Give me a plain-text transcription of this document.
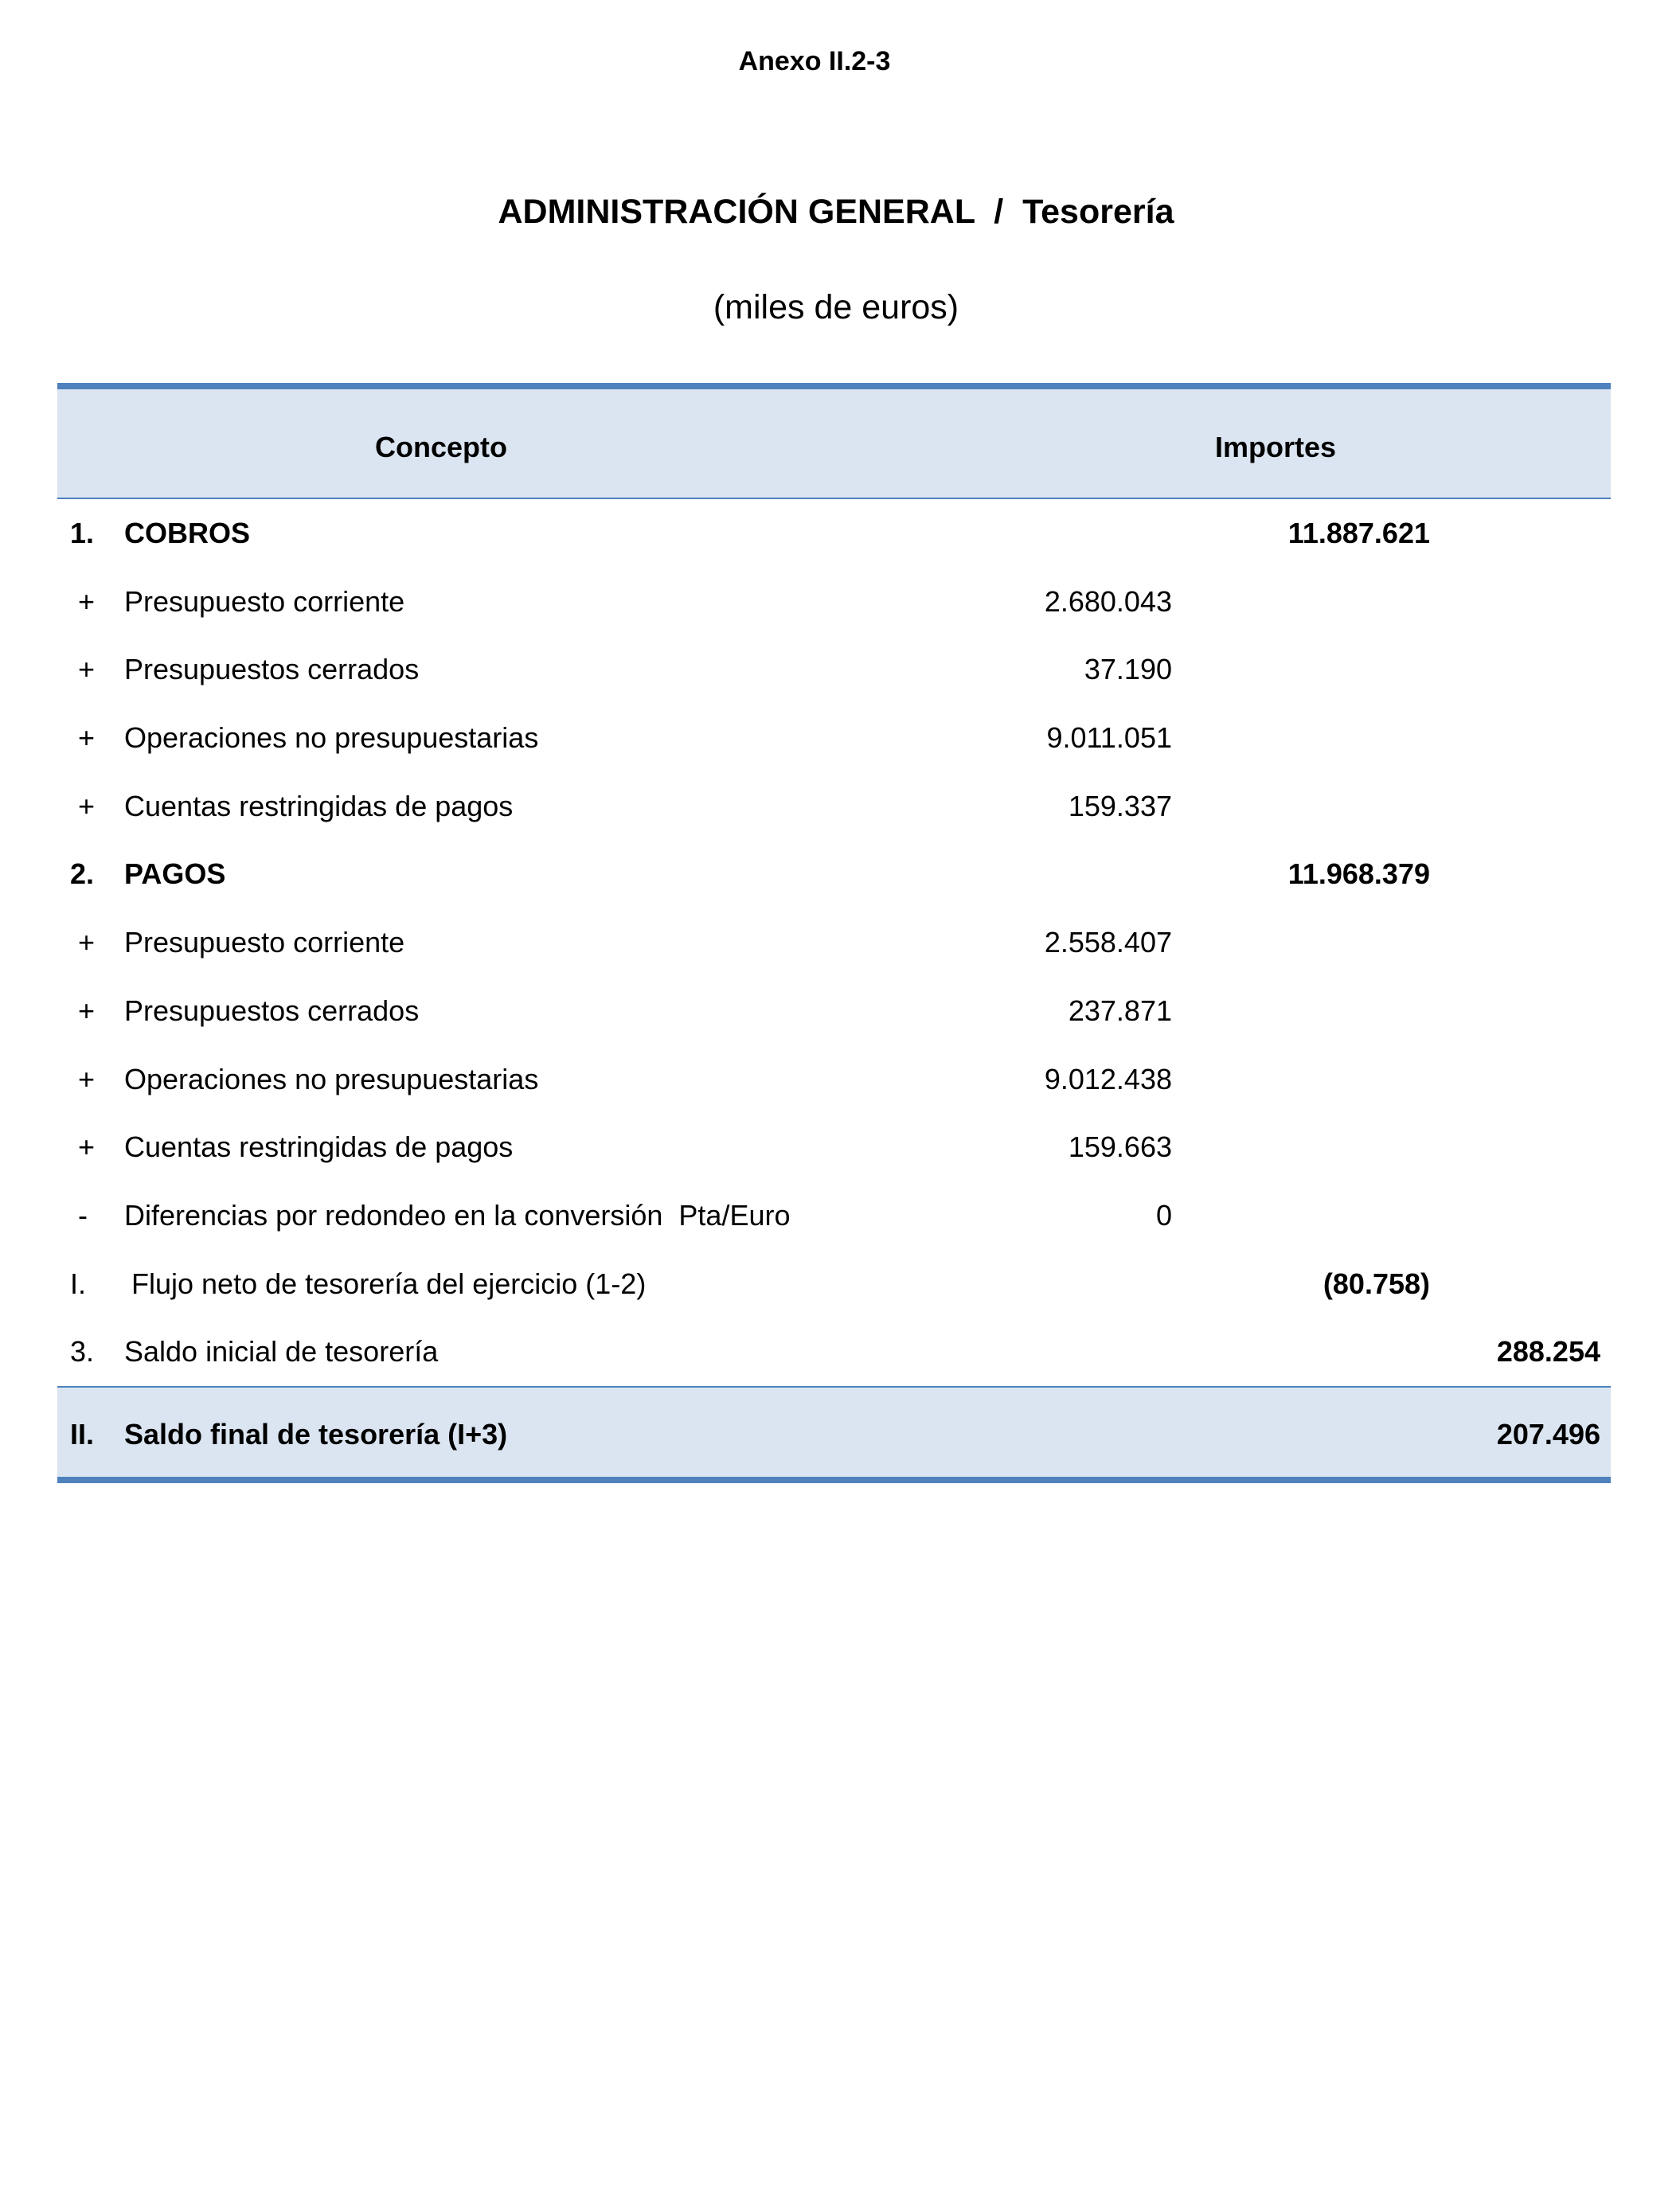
Anexo II.2-3
ADMINISTRACIÓN GENERAL  /  Tesorería
(miles de euros)
Concepto	Importes
1. COBROS	11.887.621
+ Presupuesto corriente	2.680.043
+ Presupuestos cerrados	37.190
+ Operaciones no presupuestarias	9.011.051
+ Cuentas restringidas de pagos	159.337
2. PAGOS	11.968.379
+ Presupuesto corriente	2.558.407
+ Presupuestos cerrados	237.871
+ Operaciones no presupuestarias	9.012.438
+ Cuentas restringidas de pagos	159.663
- Diferencias por redondeo en la conversión  Pta/Euro	0
I. Flujo neto de tesorería del ejercicio (1-2)	(80.758)
3. Saldo inicial de tesorería	288.254
II. Saldo final de tesorería (I+3)	207.496
